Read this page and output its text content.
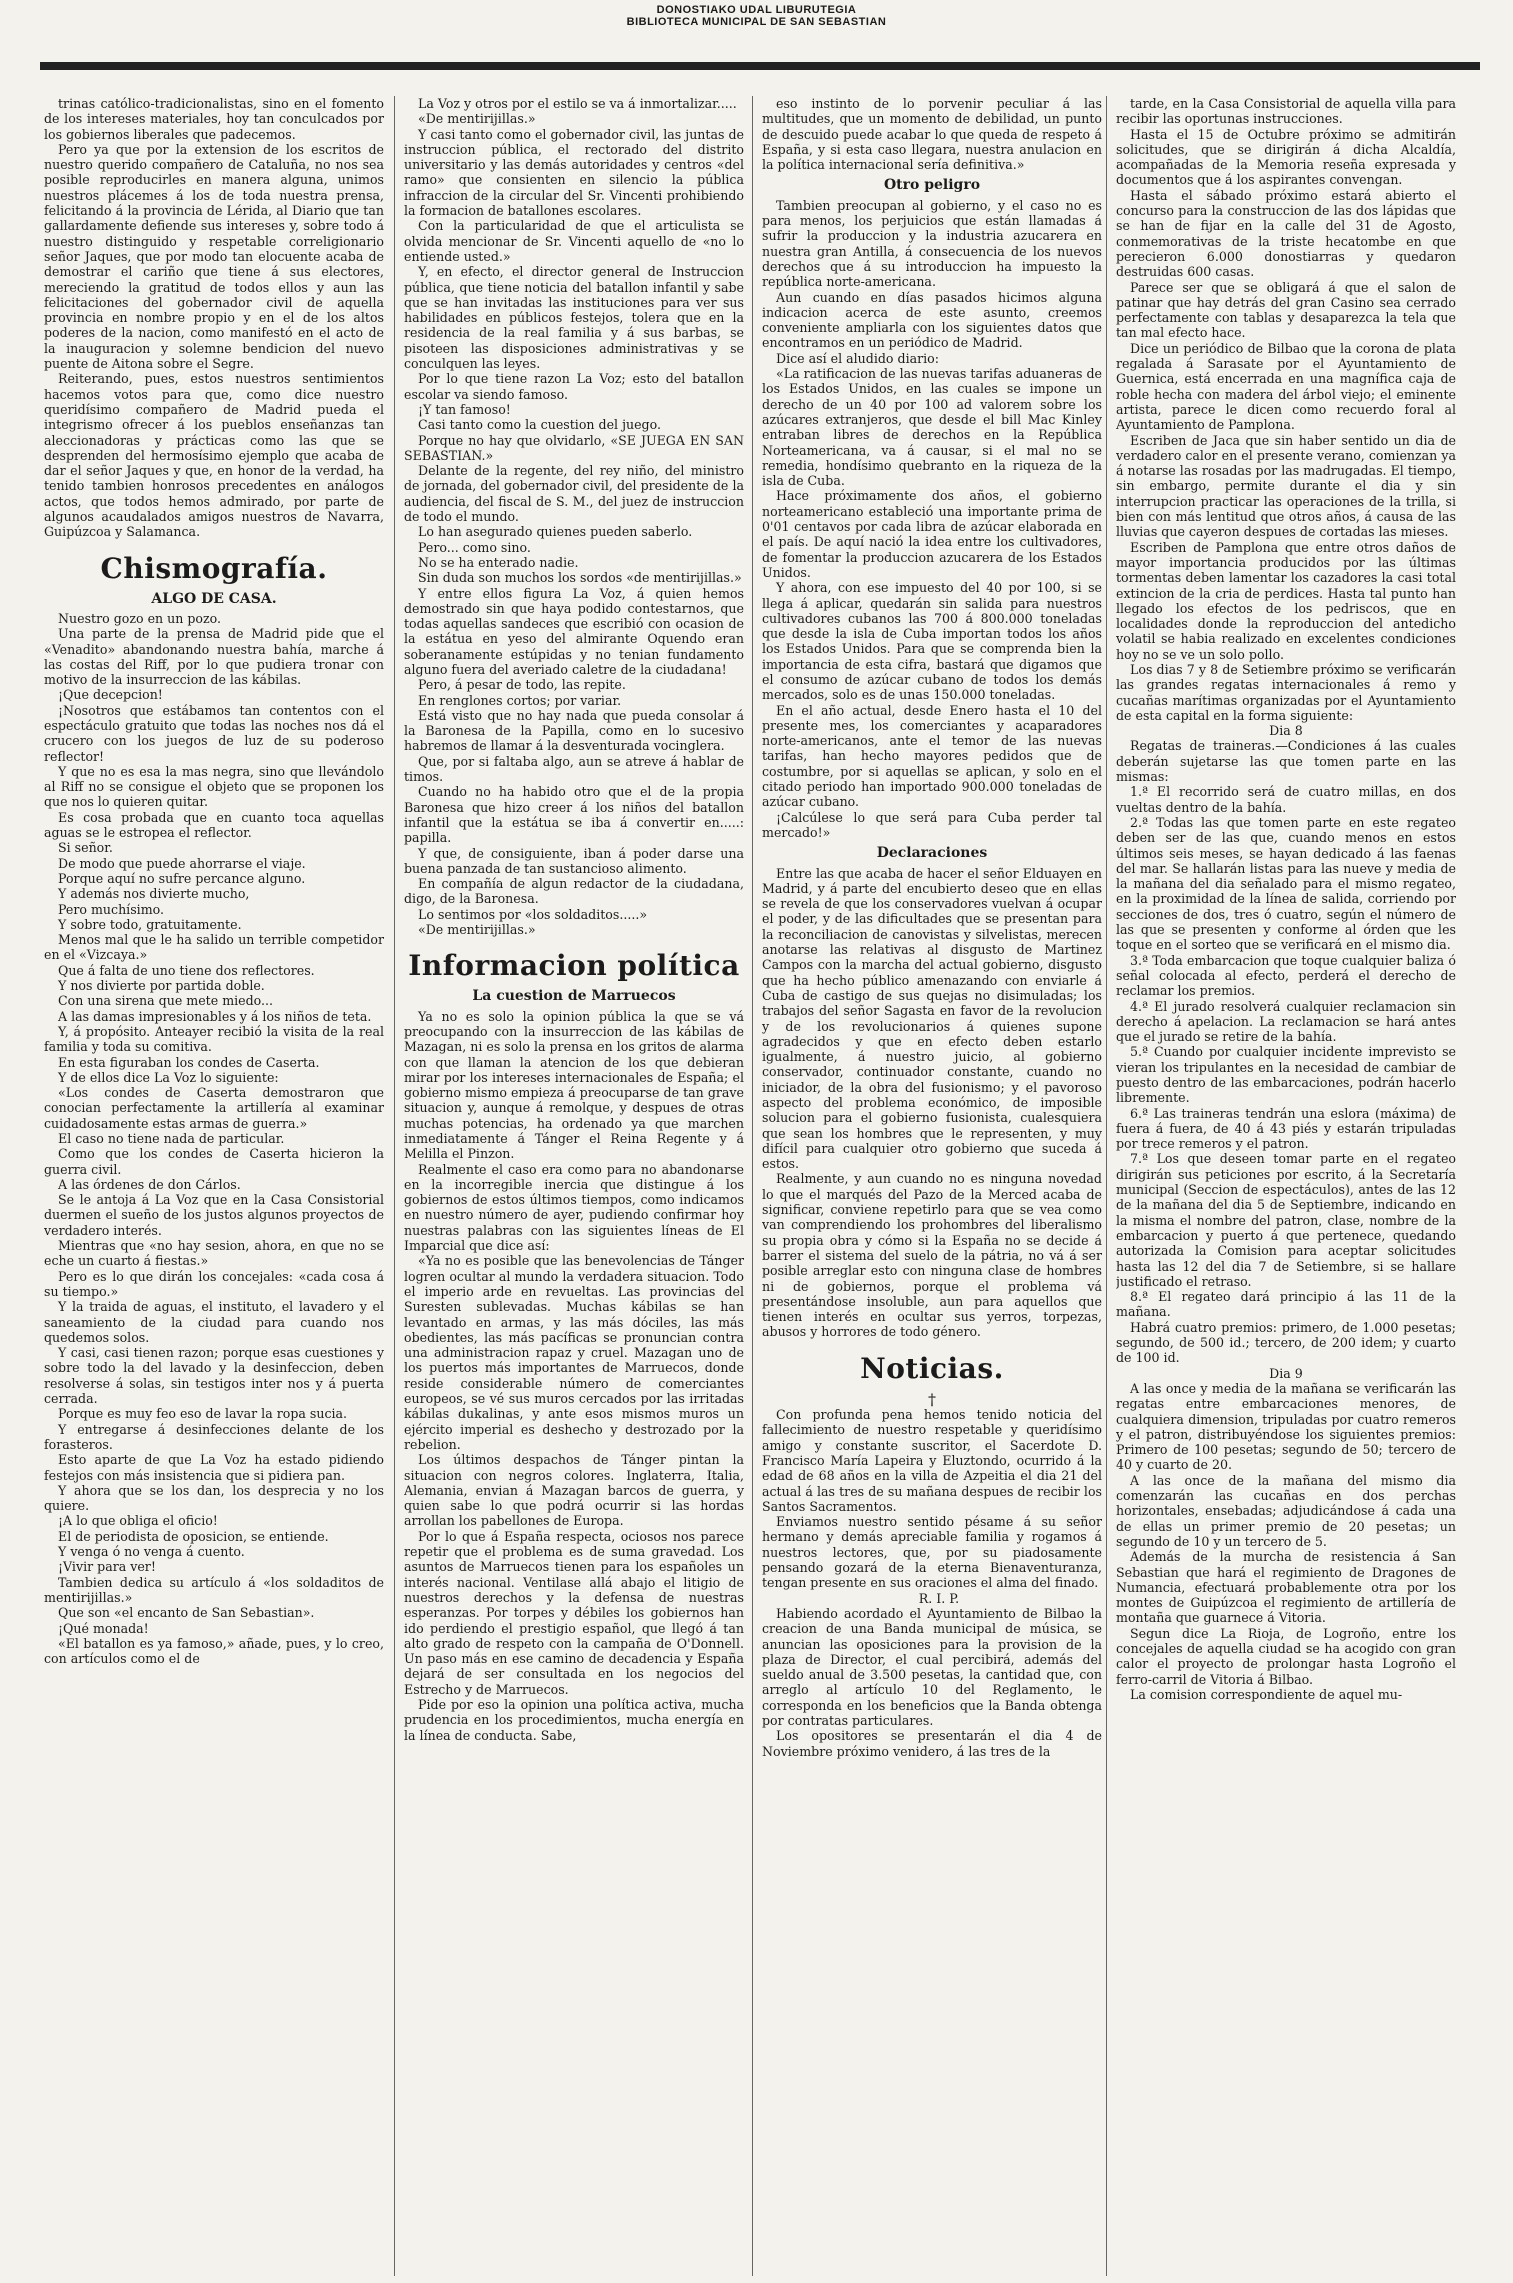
DONOSTIAKO UDAL LIBURUTEGIA
BIBLIOTECA MUNICIPAL DE SAN SEBASTIAN

trinas católico-tradicionalistas, sino en el fomento de los intereses materiales, hoy tan conculcados por los gobiernos liberales que padecemos.

Pero ya que por la extension de los escritos de nuestro querido compañero de Cataluña, no nos sea posible reproducirles en manera alguna, unimos nuestros plácemes á los de toda nuestra prensa, felicitando á la provincia de Lérida, al Diario que tan gallardamente defiende sus intereses y, sobre todo á nuestro distinguido y respetable correligionario señor Jaques, que por modo tan elocuente acaba de demostrar el cariño que tiene á sus electores, mereciendo la gratitud de todos ellos y aun las felicitaciones del gobernador civil de aquella provincia en nombre propio y en el de los altos poderes de la nacion, como manifestó en el acto de la inauguracion y solemne bendicion del nuevo puente de Aitona sobre el Segre.

Reiterando, pues, estos nuestros sentimientos hacemos votos para que, como dice nuestro queridísimo compañero de Madrid pueda el integrismo ofrecer á los pueblos enseñanzas tan aleccionadoras y prácticas como las que se desprenden del hermosísimo ejemplo que acaba de dar el señor Jaques y que, en honor de la verdad, ha tenido tambien honrosos precedentes en análogos actos, que todos hemos admirado, por parte de algunos acaudalados amigos nuestros de Navarra, Guipúzcoa y Salamanca.

Chismografía.
ALGO DE CASA.

Nuestro gozo en un pozo.

Una parte de la prensa de Madrid pide que el «Venadito» abandonando nuestra bahía, marche á las costas del Riff, por lo que pudiera tronar con motivo de la insurreccion de las kábilas.

¡Que decepcion!

¡Nosotros que estábamos tan contentos con el espectáculo gratuito que todas las noches nos dá el crucero con los juegos de luz de su poderoso reflector!

Y que no es esa la mas negra, sino que llevándolo al Riff no se consigue el objeto que se proponen los que nos lo quieren quitar.

Es cosa probada que en cuanto toca aquellas aguas se le estropea el reflector.

Si señor.

De modo que puede ahorrarse el viaje.

Porque aquí no sufre percance alguno.

Y además nos divierte mucho,

Pero muchísimo.

Y sobre todo, gratuitamente.

Menos mal que le ha salido un terrible competidor en el «Vizcaya.»

Que á falta de uno tiene dos reflectores.

Y nos divierte por partida doble.

Con una sirena que mete miedo...

A las damas impresionables y á los niños de teta.

Y, á propósito. Anteayer recibió la visita de la real familia y toda su comitiva.

En esta figuraban los condes de Caserta.

Y de ellos dice La Voz lo siguiente:

«Los condes de Caserta demostraron que conocian perfectamente la artillería al examinar cuidadosamente estas armas de guerra.»

El caso no tiene nada de particular.

Como que los condes de Caserta hicieron la guerra civil.

A las órdenes de don Cárlos.

Se le antoja á La Voz que en la Casa Consistorial duermen el sueño de los justos algunos proyectos de verdadero interés.

Mientras que «no hay sesion, ahora, en que no se eche un cuarto á fiestas.»

Pero es lo que dirán los concejales: «cada cosa á su tiempo.»

Y la traida de aguas, el instituto, el lavadero y el saneamiento de la ciudad para cuando nos quedemos solos.

Y casi, casi tienen razon; porque esas cuestiones y sobre todo la del lavado y la desinfeccion, deben resolverse á solas, sin testigos inter nos y á puerta cerrada.

Porque es muy feo eso de lavar la ropa sucia.

Y entregarse á desinfecciones delante de los forasteros.

Esto aparte de que La Voz ha estado pidiendo festejos con más insistencia que si pidiera pan.

Y ahora que se los dan, los desprecia y no los quiere.

¡A lo que obliga el oficio!

El de periodista de oposicion, se entiende.

Y venga ó no venga á cuento.

¡Vivir para ver!

Tambien dedica su artículo á «los soldaditos de mentirijillas.»

Que son «el encanto de San Sebastian».

¡Qué monada!

«El batallon es ya famoso,» añade, pues, y lo creo, con artículos como el de

La Voz y otros por el estilo se va á inmortalizar.....

«De mentirijillas.»

Y casi tanto como el gobernador civil, las juntas de instruccion pública, el rectorado del distrito universitario y las demás autoridades y centros «del ramo» que consienten en silencio la pública infraccion de la circular del Sr. Vincenti prohibiendo la formacion de batallones escolares.

Con la particularidad de que el articulista se olvida mencionar de Sr. Vincenti aquello de «no lo entiende usted.»

Y, en efecto, el director general de Instruccion pública, que tiene noticia del batallon infantil y sabe que se han invitadas las instituciones para ver sus habilidades en públicos festejos, tolera que en la residencia de la real familia y á sus barbas, se pisoteen las disposiciones administrativas y se conculquen las leyes.

Por lo que tiene razon La Voz; esto del batallon escolar va siendo famoso.

¡Y tan famoso!

Casi tanto como la cuestion del juego.

Porque no hay que olvidarlo, «SE JUEGA EN SAN SEBASTIAN.»

Delante de la regente, del rey niño, del ministro de jornada, del gobernador civil, del presidente de la audiencia, del fiscal de S. M., del juez de instruccion de todo el mundo.

Lo han asegurado quienes pueden saberlo.

Pero... como sino.

No se ha enterado nadie.

Sin duda son muchos los sordos «de mentirijillas.»

Y entre ellos figura La Voz, á quien hemos demostrado sin que haya podido contestarnos, que todas aquellas sandeces que escribió con ocasion de la estátua en yeso del almirante Oquendo eran soberanamente estúpidas y no tenian fundamento alguno fuera del averiado caletre de la ciudadana!

Pero, á pesar de todo, las repite.

En renglones cortos; por variar.

Está visto que no hay nada que pueda consolar á la Baronesa de la Papilla, como en lo sucesivo habremos de llamar á la desventurada vocinglera.

Que, por si faltaba algo, aun se atreve á hablar de timos.

Cuando no ha habido otro que el de la propia Baronesa que hizo creer á los niños del batallon infantil que la estátua se iba á convertir en.....: papilla.

Y que, de consiguiente, iban á poder darse una buena panzada de tan sustancioso alimento.

En compañía de algun redactor de la ciudadana, digo, de la Baronesa.

Lo sentimos por «los soldaditos.....»

«De mentirijillas.»

Informacion política
La cuestion de Marruecos

Ya no es solo la opinion pública la que se vá preocupando con la insurreccion de las kábilas de Mazagan, ni es solo la prensa en los gritos de alarma con que llaman la atencion de los que debieran mirar por los intereses internacionales de España; el gobierno mismo empieza á preocuparse de tan grave situacion y, aunque á remolque, y despues de otras muchas potencias, ha ordenado ya que marchen inmediatamente á Tánger el Reina Regente y á Melilla el Pinzon.

Realmente el caso era como para no abandonarse en la incorregible inercia que distingue á los gobiernos de estos últimos tiempos, como indicamos en nuestro número de ayer, pudiendo confirmar hoy nuestras palabras con las siguientes líneas de El Imparcial que dice así:

«Ya no es posible que las benevolencias de Tánger logren ocultar al mundo la verdadera situacion. Todo el imperio arde en revueltas. Las provincias del Suresten sublevadas. Muchas kábilas se han levantado en armas, y las más dóciles, las más obedientes, las más pacíficas se pronuncian contra una administracion rapaz y cruel. Mazagan uno de los puertos más importantes de Marruecos, donde reside considerable número de comerciantes europeos, se vé sus muros cercados por las irritadas kábilas dukalinas, y ante esos mismos muros un ejército imperial es deshecho y destrozado por la rebelion.

Los últimos despachos de Tánger pintan la situacion con negros colores. Inglaterra, Italia, Alemania, envian á Mazagan barcos de guerra, y quien sabe lo que podrá ocurrir si las hordas arrollan los pabellones de Europa.

Por lo que á España respecta, ociosos nos parece repetir que el problema es de suma gravedad. Los asuntos de Marruecos tienen para los españoles un interés nacional. Ventilase allá abajo el litigio de nuestros derechos y la defensa de nuestras esperanzas. Por torpes y débiles los gobiernos han ido perdiendo el prestigio español, que llegó á tan alto grado de respeto con la campaña de O'Donnell. Un paso más en ese camino de decadencia y España dejará de ser consultada en los negocios del Estrecho y de Marruecos.

Pide por eso la opinion una política activa, mucha prudencia en los procedimientos, mucha energía en la línea de conducta. Sabe,

eso instinto de lo porvenir peculiar á las multitudes, que un momento de debilidad, un punto de descuido puede acabar lo que queda de respeto á España, y si esta caso llegara, nuestra anulacion en la política internacional sería definitiva.»

Otro peligro

Tambien preocupan al gobierno, y el caso no es para menos, los perjuicios que están llamadas á sufrir la produccion y la industria azucarera en nuestra gran Antilla, á consecuencia de los nuevos derechos que á su introduccion ha impuesto la república norte-americana.

Aun cuando en días pasados hicimos alguna indicacion acerca de este asunto, creemos conveniente ampliarla con los siguientes datos que encontramos en un periódico de Madrid.

Dice así el aludido diario:

«La ratificacion de las nuevas tarifas aduaneras de los Estados Unidos, en las cuales se impone un derecho de un 40 por 100 ad valorem sobre los azúcares extranjeros, que desde el bill Mac Kinley entraban libres de derechos en la República Norteamericana, va á causar, si el mal no se remedia, hondísimo quebranto en la riqueza de la isla de Cuba.

Hace próximamente dos años, el gobierno norteamericano estableció una importante prima de 0'01 centavos por cada libra de azúcar elaborada en el país. De aquí nació la idea entre los cultivadores, de fomentar la produccion azucarera de los Estados Unidos.

Y ahora, con ese impuesto del 40 por 100, si se llega á aplicar, quedarán sin salida para nuestros cultivadores cubanos las 700 á 800.000 toneladas que desde la isla de Cuba importan todos los años los Estados Unidos. Para que se comprenda bien la importancia de esta cifra, bastará que digamos que el consumo de azúcar cubano de todos los demás mercados, solo es de unas 150.000 toneladas.

En el año actual, desde Enero hasta el 10 del presente mes, los comerciantes y acaparadores norte-americanos, ante el temor de las nuevas tarifas, han hecho mayores pedidos que de costumbre, por si aquellas se aplican, y solo en el citado periodo han importado 900.000 toneladas de azúcar cubano.

¡Calcúlese lo que será para Cuba perder tal mercado!»

Declaraciones

Entre las que acaba de hacer el señor Elduayen en Madrid, y á parte del encubierto deseo que en ellas se revela de que los conservadores vuelvan á ocupar el poder, y de las dificultades que se presentan para la reconciliacion de canovistas y silvelistas, merecen anotarse las relativas al disgusto de Martinez Campos con la marcha del actual gobierno, disgusto que ha hecho público amenazando con enviarle á Cuba de castigo de sus quejas no disimuladas; los trabajos del señor Sagasta en favor de la revolucion y de los revolucionarios á quienes supone agradecidos y que en efecto deben estarlo igualmente, á nuestro juicio, al gobierno conservador, continuador constante, cuando no iniciador, de la obra del fusionismo; y el pavoroso aspecto del problema económico, de imposible solucion para el gobierno fusionista, cualesquiera que sean los hombres que le representen, y muy difícil para cualquier otro gobierno que suceda á estos.

Realmente, y aun cuando no es ninguna novedad lo que el marqués del Pazo de la Merced acaba de significar, conviene repetirlo para que se vea como van comprendiendo los prohombres del liberalismo su propia obra y cómo si la España no se decide á barrer el sistema del suelo de la pátria, no vá á ser posible arreglar esto con ninguna clase de hombres ni de gobiernos, porque el problema vá presentándose insoluble, aun para aquellos que tienen interés en ocultar sus yerros, torpezas, abusos y horrores de todo género.

Noticias.
†

Con profunda pena hemos tenido noticia del fallecimiento de nuestro respetable y queridísimo amigo y constante suscritor, el Sacerdote D. Francisco María Lapeira y Eluztondo, ocurrido á la edad de 68 años en la villa de Azpeitia el dia 21 del actual á las tres de su mañana despues de recibir los Santos Sacramentos.

Enviamos nuestro sentido pésame á su señor hermano y demás apreciable familia y rogamos á nuestros lectores, que, por su piadosamente pensando gozará de la eterna Bienaventuranza, tengan presente en sus oraciones el alma del finado.

R. I. P.

Habiendo acordado el Ayuntamiento de Bilbao la creacion de una Banda municipal de música, se anuncian las oposiciones para la provision de la plaza de Director, el cual percibirá, además del sueldo anual de 3.500 pesetas, la cantidad que, con arreglo al artículo 10 del Reglamento, le corresponda en los beneficios que la Banda obtenga por contratas particulares.

Los opositores se presentarán el dia 4 de Noviembre próximo venidero, á las tres de la

tarde, en la Casa Consistorial de aquella villa para recibir las oportunas instrucciones.

Hasta el 15 de Octubre próximo se admitirán solicitudes, que se dirigirán á dicha Alcaldía, acompañadas de la Memoria reseña expresada y documentos que á los aspirantes convengan.

Hasta el sábado próximo estará abierto el concurso para la construccion de las dos lápidas que se han de fijar en la calle del 31 de Agosto, conmemorativas de la triste hecatombe en que perecieron 6.000 donostiarras y quedaron destruidas 600 casas.

Parece ser que se obligará á que el salon de patinar que hay detrás del gran Casino sea cerrado perfectamente con tablas y desaparezca la tela que tan mal efecto hace.

Dice un periódico de Bilbao que la corona de plata regalada á Sarasate por el Ayuntamiento de Guernica, está encerrada en una magnífica caja de roble hecha con madera del árbol viejo; el eminente artista, parece le dicen como recuerdo foral al Ayuntamiento de Pamplona.

Escriben de Jaca que sin haber sentido un dia de verdadero calor en el presente verano, comienzan ya á notarse las rosadas por las madrugadas. El tiempo, sin embargo, permite durante el dia y sin interrupcion practicar las operaciones de la trilla, si bien con más lentitud que otros años, á causa de las lluvias que cayeron despues de cortadas las mieses.

Escriben de Pamplona que entre otros daños de mayor importancia producidos por las últimas tormentas deben lamentar los cazadores la casi total extincion de la cria de perdices. Hasta tal punto han llegado los efectos de los pedriscos, que en localidades donde la reproduccion del antedicho volatil se habia realizado en excelentes condiciones hoy no se ve un solo pollo.

Los dias 7 y 8 de Setiembre próximo se verificarán las grandes regatas internacionales á remo y cucañas marítimas organizadas por el Ayuntamiento de esta capital en la forma siguiente:

Dia 8

Regatas de traineras.—Condiciones á las cuales deberán sujetarse las que tomen parte en las mismas:

1.ª El recorrido será de cuatro millas, en dos vueltas dentro de la bahía.

2.ª Todas las que tomen parte en este regateo deben ser de las que, cuando menos en estos últimos seis meses, se hayan dedicado á las faenas del mar. Se hallarán listas para las nueve y media de la mañana del dia señalado para el mismo regateo, en la proximidad de la línea de salida, corriendo por secciones de dos, tres ó cuatro, según el número de las que se presenten y conforme al órden que les toque en el sorteo que se verificará en el mismo dia.

3.ª Toda embarcacion que toque cualquier baliza ó señal colocada al efecto, perderá el derecho de reclamar los premios.

4.ª El jurado resolverá cualquier reclamacion sin derecho á apelacion. La reclamacion se hará antes que el jurado se retire de la bahía.

5.ª Cuando por cualquier incidente imprevisto se vieran los tripulantes en la necesidad de cambiar de puesto dentro de las embarcaciones, podrán hacerlo libremente.

6.ª Las traineras tendrán una eslora (máxima) de fuera á fuera, de 40 á 43 piés y estarán tripuladas por trece remeros y el patron.

7.ª Los que deseen tomar parte en el regateo dirigirán sus peticiones por escrito, á la Secretaría municipal (Seccion de espectáculos), antes de las 12 de la mañana del dia 5 de Septiembre, indicando en la misma el nombre del patron, clase, nombre de la embarcacion y puerto á que pertenece, quedando autorizada la Comision para aceptar solicitudes hasta las 12 del dia 7 de Setiembre, si se hallare justificado el retraso.

8.ª El regateo dará principio á las 11 de la mañana.

Habrá cuatro premios: primero, de 1.000 pesetas; segundo, de 500 id.; tercero, de 200 idem; y cuarto de 100 id.

Dia 9

A las once y media de la mañana se verificarán las regatas entre embarcaciones menores, de cualquiera dimension, tripuladas por cuatro remeros y el patron, distribuyéndose los siguientes premios: Primero de 100 pesetas; segundo de 50; tercero de 40 y cuarto de 20.

A las once de la mañana del mismo dia comenzarán las cucañas en dos perchas horizontales, ensebadas; adjudicándose á cada una de ellas un primer premio de 20 pesetas; un segundo de 10 y un tercero de 5.

Además de la murcha de resistencia á San Sebastian que hará el regimiento de Dragones de Numancia, efectuará probablemente otra por los montes de Guipúzcoa el regimiento de artillería de montaña que guarnece á Vitoria.

Segun dice La Rioja, de Logroño, entre los concejales de aquella ciudad se ha acogido con gran calor el proyecto de prolongar hasta Logroño el ferro-carril de Vitoria á Bilbao.

La comision correspondiente de aquel mu-
